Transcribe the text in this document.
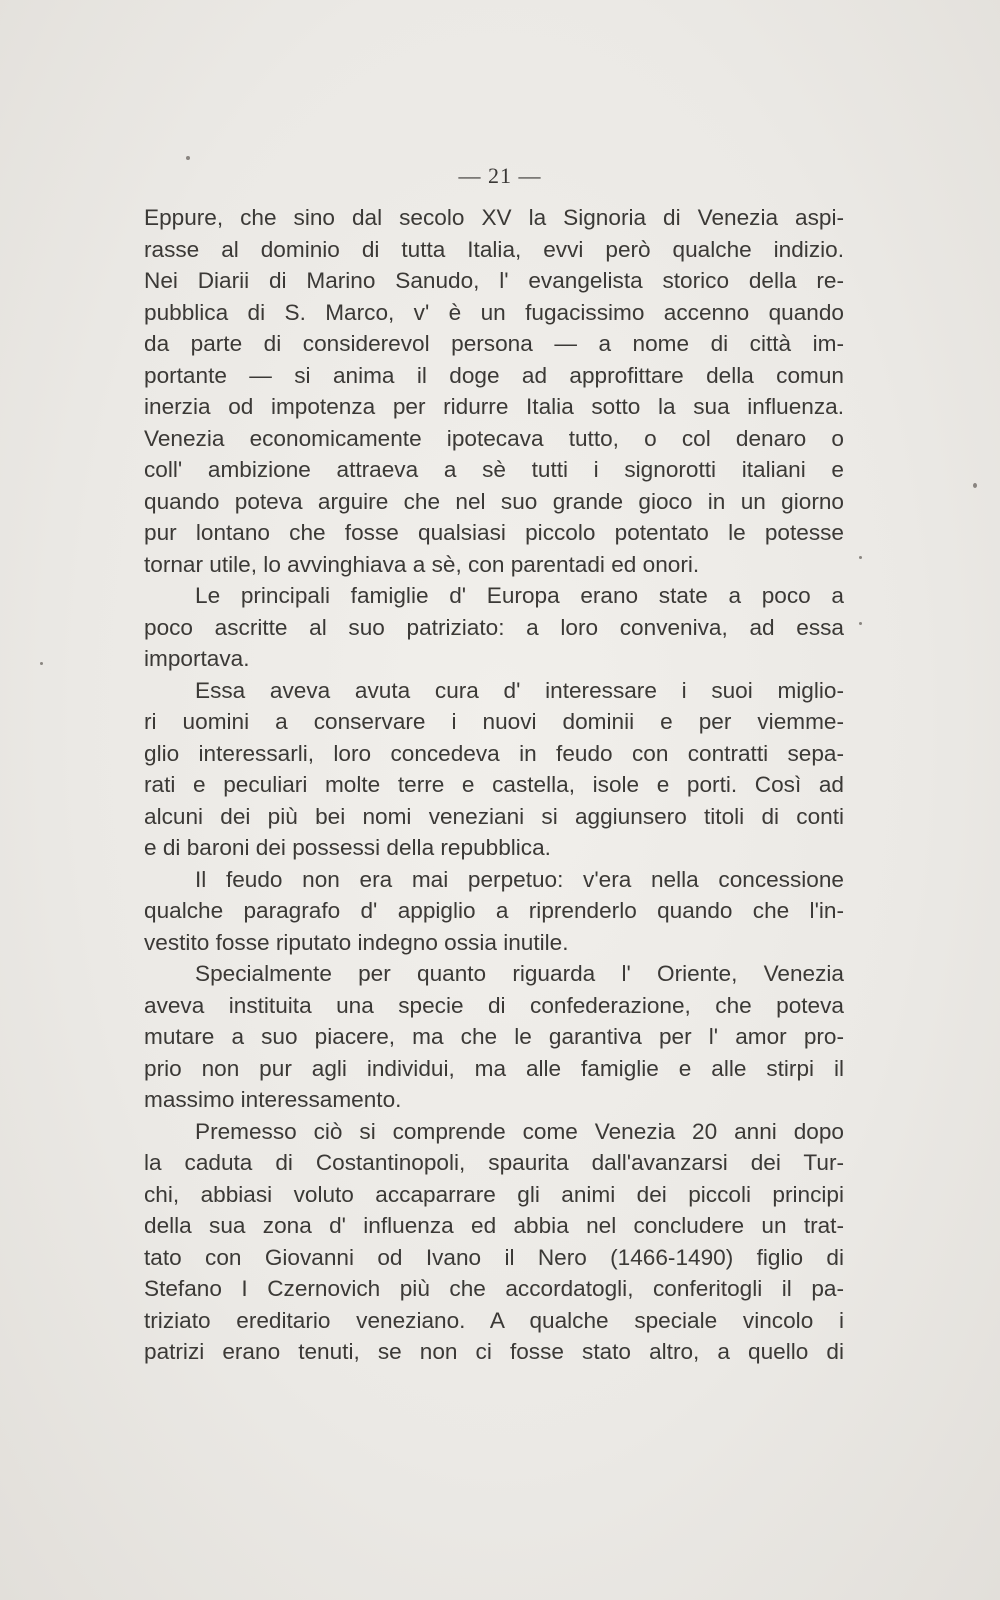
— 21 —
Eppure, che sino dal secolo XV la Signoria di Venezia aspi-
rasse al dominio di tutta Italia, evvi però qualche indizio.
Nei Diarii di Marino Sanudo, l' evangelista storico della re-
pubblica di S. Marco, v' è un fugacissimo accenno quando
da parte di considerevol persona — a nome di città im-
portante — si anima il doge ad approfittare della comun
inerzia od impotenza per ridurre Italia sotto la sua influenza.
Venezia economicamente ipotecava tutto, o col denaro o
coll' ambizione attraeva a sè tutti i signorotti italiani e
quando poteva arguire che nel suo grande gioco in un giorno
pur lontano che fosse qualsiasi piccolo potentato le potesse
tornar utile, lo avvinghiava a sè, con parentadi ed onori.
Le principali famiglie d' Europa erano state a poco a
poco ascritte al suo patriziato: a loro conveniva, ad essa
importava.
Essa aveva avuta cura d' interessare i suoi miglio-
ri uomini a conservare i nuovi dominii e per viemme-
glio interessarli, loro concedeva in feudo con contratti sepa-
rati e peculiari molte terre e castella, isole e porti. Così ad
alcuni dei più bei nomi veneziani si aggiunsero titoli di conti
e di baroni dei possessi della repubblica.
Il feudo non era mai perpetuo: v'era nella concessione
qualche paragrafo d' appiglio a riprenderlo quando che l'in-
vestito fosse riputato indegno ossia inutile.
Specialmente per quanto riguarda l' Oriente, Venezia
aveva instituita una specie di confederazione, che poteva
mutare a suo piacere, ma che le garantiva per l' amor pro-
prio non pur agli individui, ma alle famiglie e alle stirpi il
massimo interessamento.
Premesso ciò si comprende come Venezia 20 anni dopo
la caduta di Costantinopoli, spaurita dall'avanzarsi dei Tur-
chi, abbiasi voluto accaparrare gli animi dei piccoli principi
della sua zona d' influenza ed abbia nel concludere un trat-
tato con Giovanni od Ivano il Nero (1466-1490) figlio di
Stefano I Czernovich più che accordatogli, conferitogli il pa-
triziato ereditario veneziano. A qualche speciale vincolo i
patrizi erano tenuti, se non ci fosse stato altro, a quello di
